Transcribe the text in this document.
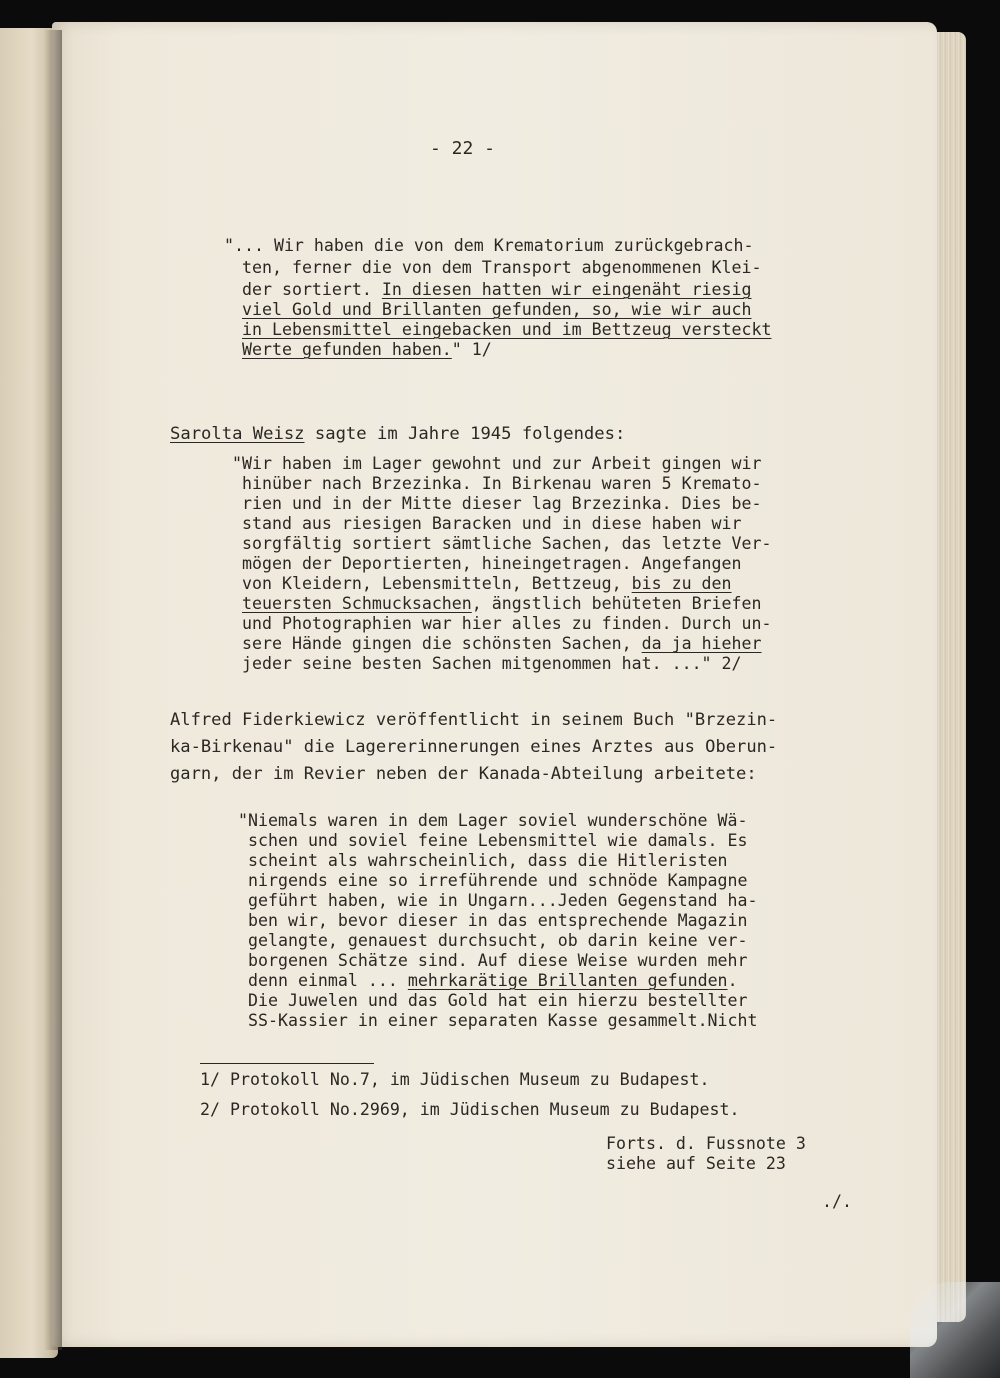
- 22 -
"... Wir haben die von dem Krematorium zurückgebrach-
ten, ferner die von dem Transport abgenommenen Klei-
der sortiert. In diesen hatten wir eingenäht riesig
viel Gold und Brillanten gefunden, so, wie wir auch
in Lebensmittel eingebacken und im Bettzeug versteckt
Werte gefunden haben." 1/
Sarolta Weisz sagte im Jahre 1945 folgendes:
"Wir haben im Lager gewohnt und zur Arbeit gingen wir
hinüber nach Brzezinka. In Birkenau waren 5 Kremato-
rien und in der Mitte dieser lag Brzezinka. Dies be-
stand aus riesigen Baracken und in diese haben wir
sorgfältig sortiert sämtliche Sachen, das letzte Ver-
mögen der Deportierten, hineingetragen. Angefangen
von Kleidern, Lebensmitteln, Bettzeug, bis zu den
teuersten Schmucksachen, ängstlich behüteten Briefen
und Photographien war hier alles zu finden. Durch un-
sere Hände gingen die schönsten Sachen, da ja hieher
jeder seine besten Sachen mitgenommen hat. ..." 2/
Alfred Fiderkiewicz veröffentlicht in seinem Buch "Brzezin-
ka-Birkenau" die Lagererinnerungen eines Arztes aus Oberun-
garn, der im Revier neben der Kanada-Abteilung arbeitete:
"Niemals waren in dem Lager soviel wunderschöne Wä-
schen und soviel feine Lebensmittel wie damals. Es
scheint als wahrscheinlich, dass die Hitleristen
nirgends eine so irreführende und schnöde Kampagne
geführt haben, wie in Ungarn...Jeden Gegenstand ha-
ben wir, bevor dieser in das entsprechende Magazin
gelangte, genauest durchsucht, ob darin keine ver-
borgenen Schätze sind. Auf diese Weise wurden mehr
denn einmal ... mehrkarätige Brillanten gefunden.
Die Juwelen und das Gold hat ein hierzu bestellter
SS-Kassier in einer separaten Kasse gesammelt.Nicht
1/ Protokoll No.7, im Jüdischen Museum zu Budapest.
2/ Protokoll No.2969, im Jüdischen Museum zu Budapest.
Forts. d. Fussnote 3
siehe auf Seite 23
./.
